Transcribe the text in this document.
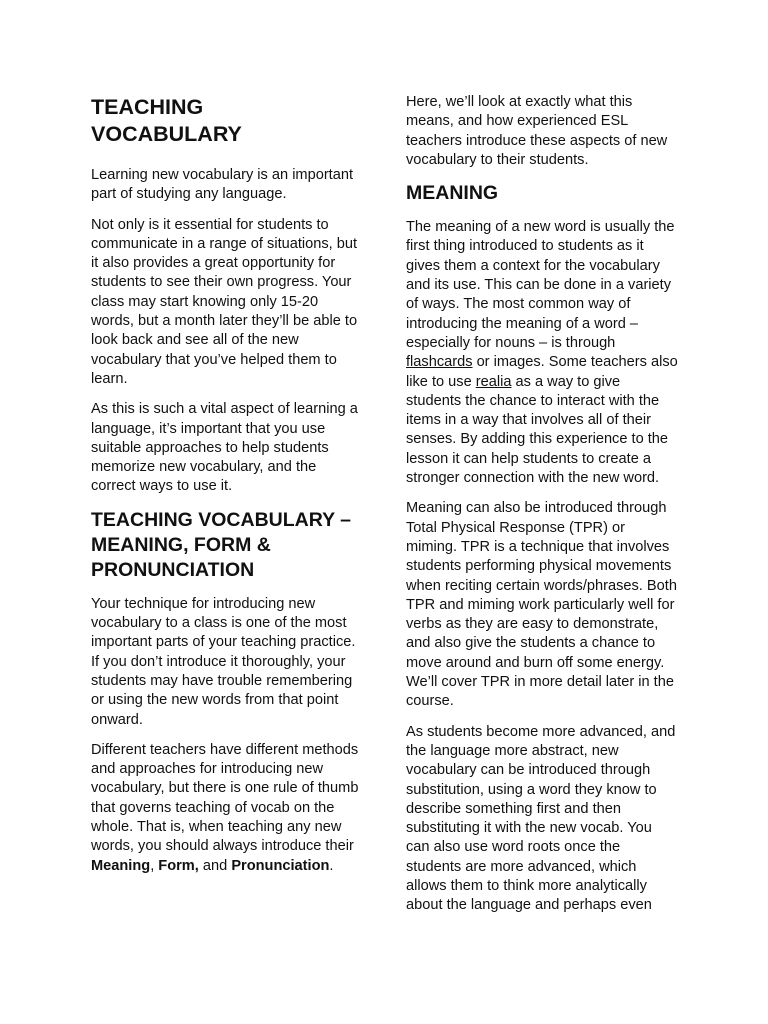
TEACHING VOCABULARY

Learning new vocabulary is an important part of studying any language.

Not only is it essential for students to communicate in a range of situations, but it also provides a great opportunity for students to see their own progress. Your class may start knowing only 15-20 words, but a month later they’ll be able to look back and see all of the new vocabulary that you’ve helped them to learn.

As this is such a vital aspect of learning a language, it’s important that you use suitable approaches to help students memorize new vocabulary, and the correct ways to use it.

TEACHING VOCABULARY – MEANING, FORM & PRONUNCIATION

Your technique for introducing new vocabulary to a class is one of the most important parts of your teaching practice. If you don’t introduce it thoroughly, your students may have trouble remembering or using the new words from that point onward.

Different teachers have different methods and approaches for introducing new vocabulary, but there is one rule of thumb that governs teaching of vocab on the whole. That is, when teaching any new words, you should always introduce their Meaning, Form, and Pronunciation.

Here, we’ll look at exactly what this means, and how experienced ESL teachers introduce these aspects of new vocabulary to their students.

MEANING

The meaning of a new word is usually the first thing introduced to students as it gives them a context for the vocabulary and its use. This can be done in a variety of ways. The most common way of introducing the meaning of a word – especially for nouns – is through flashcards or images. Some teachers also like to use realia as a way to give students the chance to interact with the items in a way that involves all of their senses. By adding this experience to the lesson it can help students to create a stronger connection with the new word.

Meaning can also be introduced through Total Physical Response (TPR) or miming. TPR is a technique that involves students performing physical movements when reciting certain words/phrases. Both TPR and miming work particularly well for verbs as they are easy to demonstrate, and also give the students a chance to move around and burn off some energy. We’ll cover TPR in more detail later in the course.

As students become more advanced, and the language more abstract, new vocabulary can be introduced through substitution, using a word they know to describe something first and then substituting it with the new vocab. You can also use word roots once the students are more advanced, which allows them to think more analytically about the language and perhaps even
